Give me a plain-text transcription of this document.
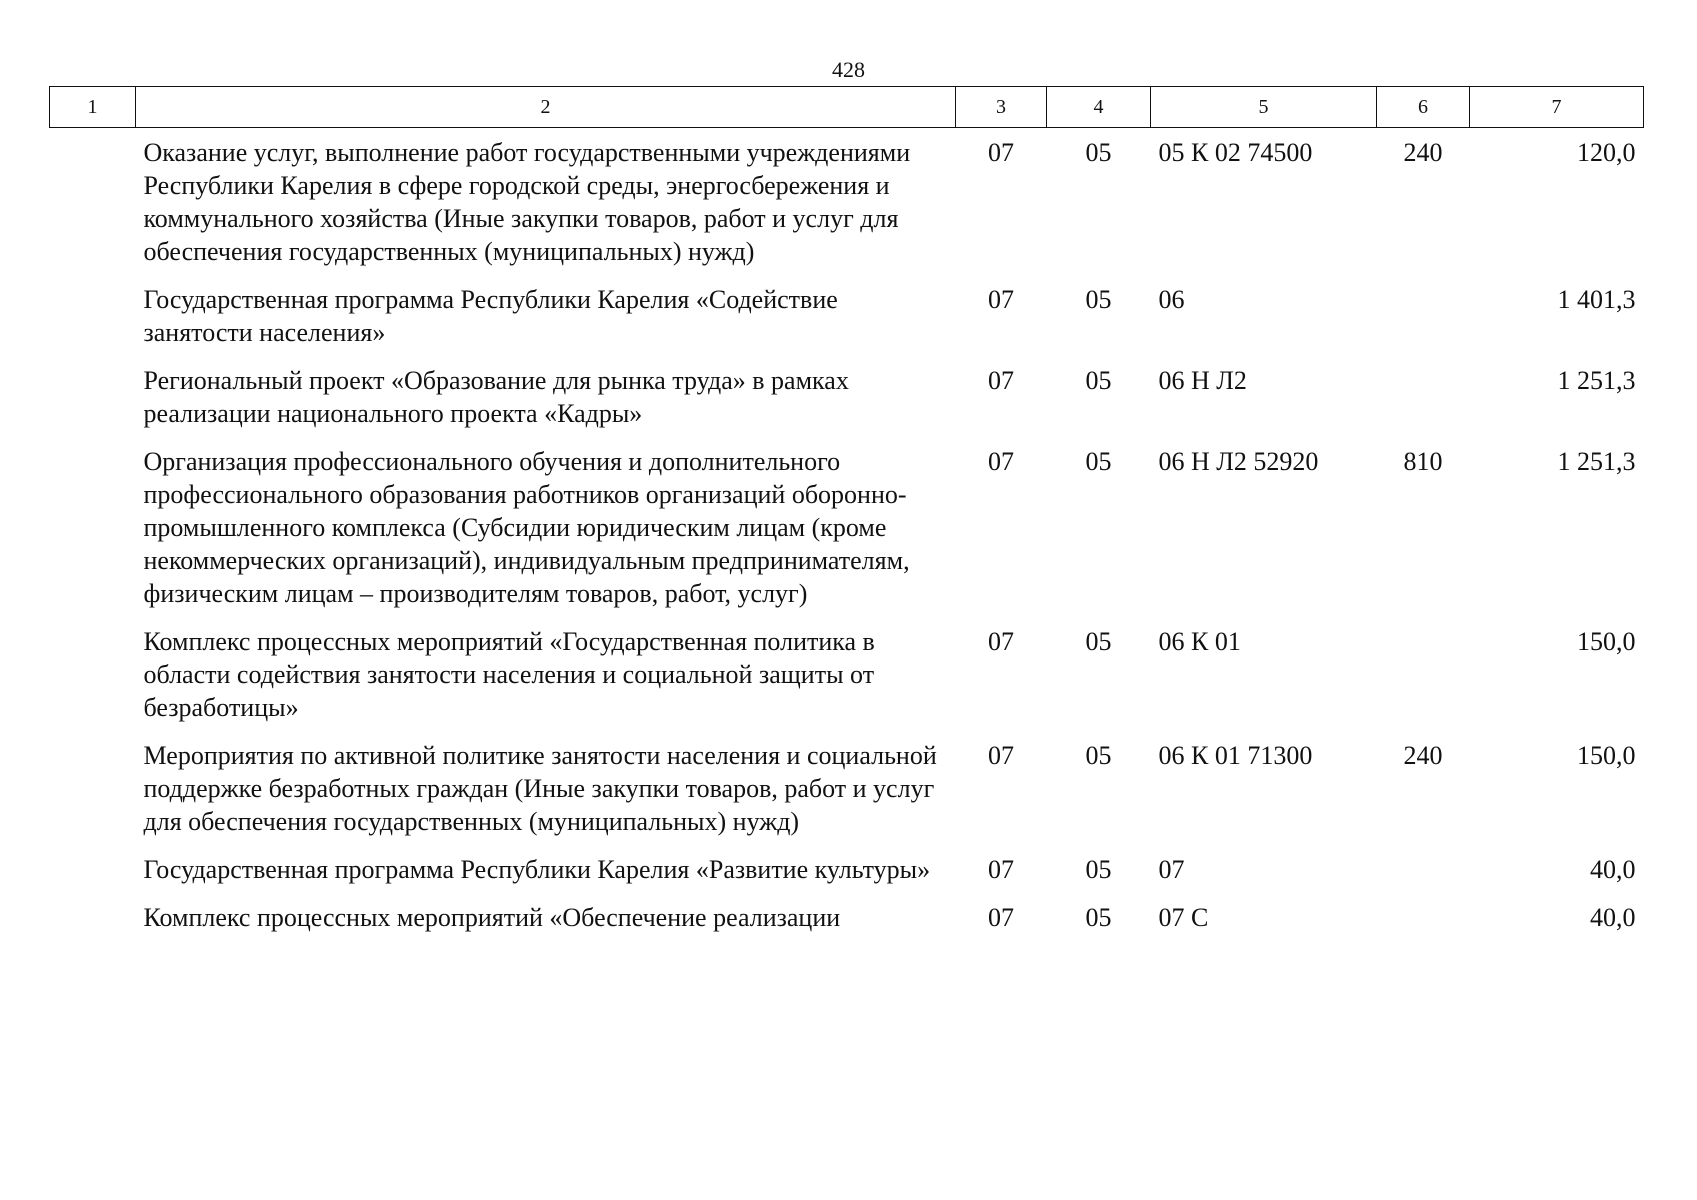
428
1	2	3	4	5	6	7
	Оказание услуг, выполнение работ государственными учреждениями Республики Карелия в сфере городской среды, энергосбережения и коммунального хозяйства (Иные закупки товаров, работ и услуг для обеспечения государственных (муниципальных) нужд)	07	05	05 К 02 74500	240	120,0
	Государственная программа Республики Карелия «Содействие занятости населения»	07	05	06		1 401,3
	Региональный проект «Образование для рынка труда» в рамках реализации национального проекта «Кадры»	07	05	06 Н Л2		1 251,3
	Организация профессионального обучения и дополнительного профессионального образования работников организаций оборонно-промышленного комплекса (Субсидии юридическим лицам (кроме некоммерческих организаций), индивидуальным предпринимателям, физическим лицам – производителям товаров, работ, услуг)	07	05	06 Н Л2 52920	810	1 251,3
	Комплекс процессных мероприятий «Государственная политика в области содействия занятости населения и социальной защиты от безработицы»	07	05	06 К 01		150,0
	Мероприятия по активной политике занятости населения и социальной поддержке безработных граждан (Иные закупки товаров, работ и услуг для обеспечения государственных (муниципальных) нужд)	07	05	06 К 01 71300	240	150,0
	Государственная программа Республики Карелия «Развитие культуры»	07	05	07		40,0
	Комплекс процессных мероприятий «Обеспечение реализации	07	05	07 С		40,0
